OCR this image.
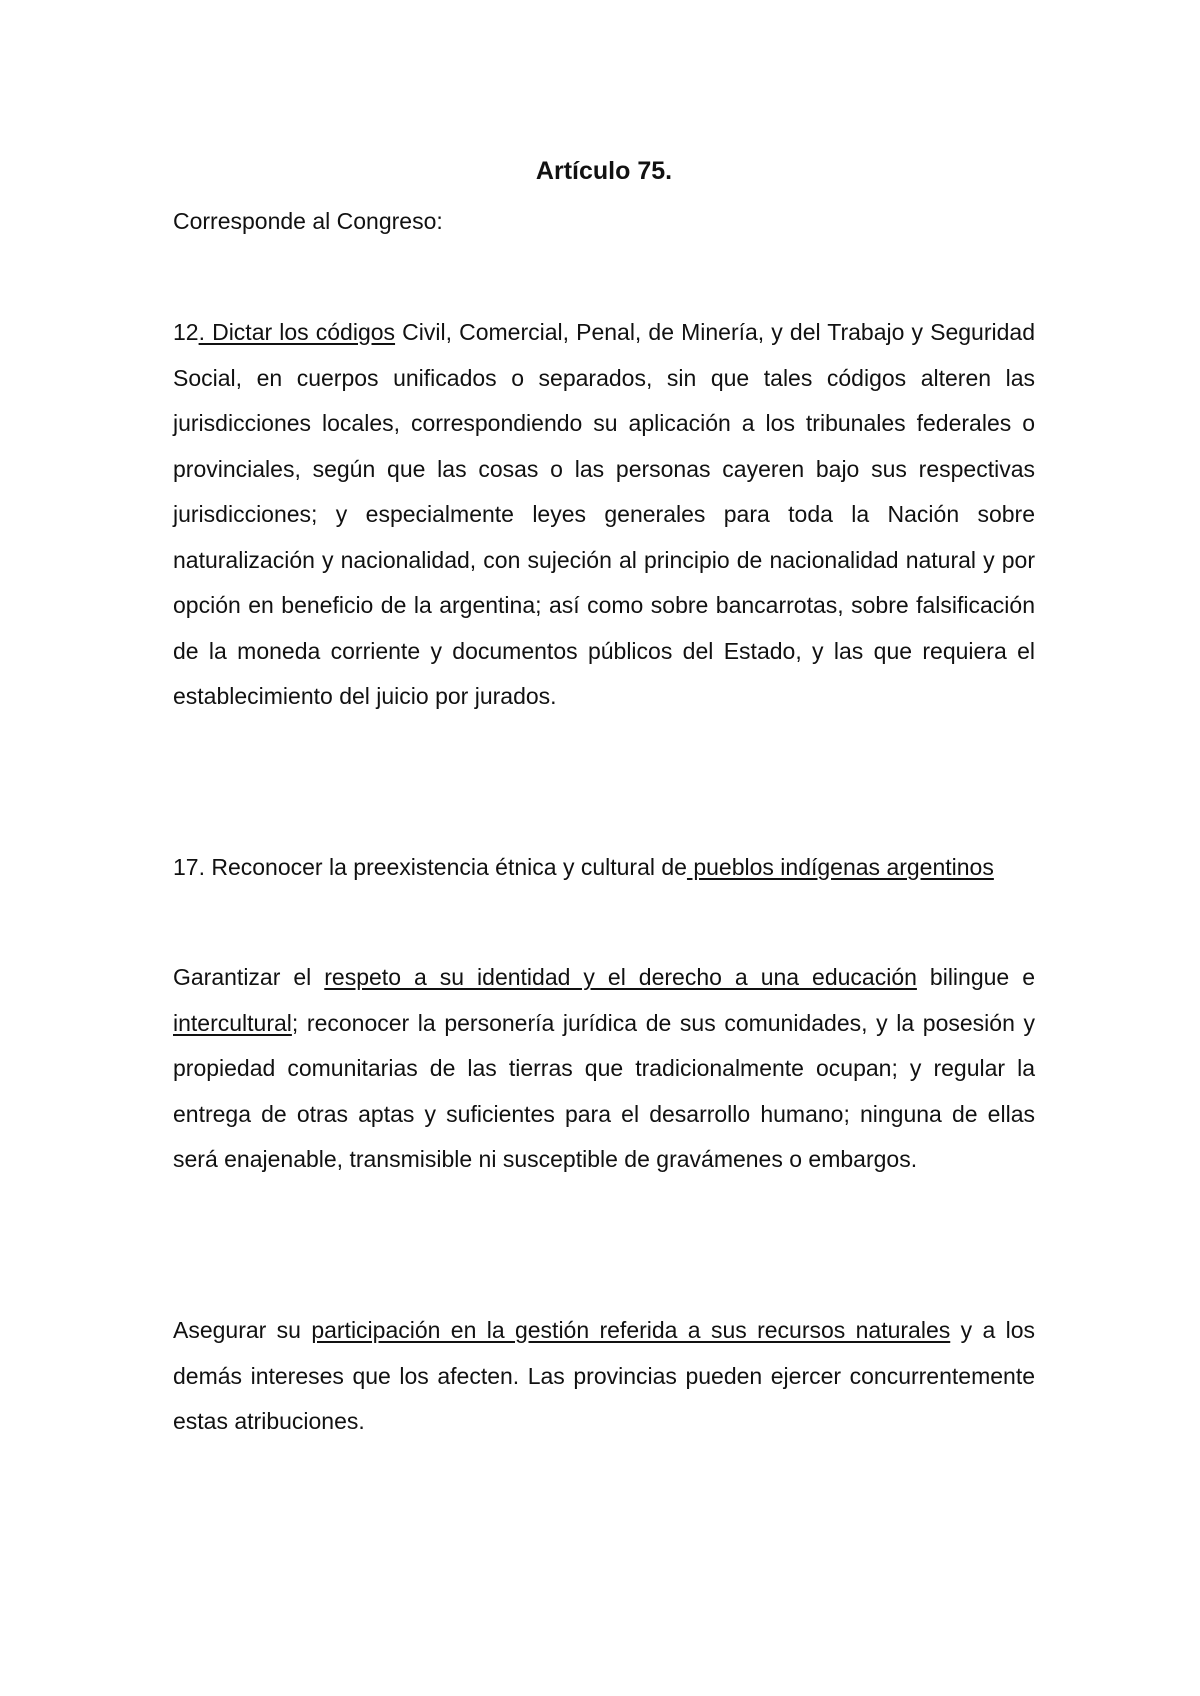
Artículo 75.

Corresponde al Congreso:

12. Dictar los códigos Civil, Comercial, Penal, de Minería, y del Trabajo y Seguridad Social, en cuerpos unificados o separados, sin que tales códigos alteren las jurisdicciones locales, correspondiendo su aplicación a los tribunales federales o provinciales, según que las cosas o las personas cayeren bajo sus respectivas jurisdicciones; y especialmente leyes generales para toda la Nación sobre naturalización y nacionalidad, con sujeción al principio de nacionalidad natural y por opción en beneficio de la argentina; así como sobre bancarrotas, sobre falsificación de la moneda corriente y documentos públicos del Estado, y las que requiera el establecimiento del juicio por jurados.

17. Reconocer la preexistencia étnica y cultural de pueblos indígenas argentinos

Garantizar el respeto a su identidad y el derecho a una educación bilingue e intercultural; reconocer la personería jurídica de sus comunidades, y la posesión y propiedad comunitarias de las tierras que tradicionalmente ocupan; y regular la entrega de otras aptas y suficientes para el desarrollo humano; ninguna de ellas será enajenable, transmisible ni susceptible de gravámenes o embargos.

Asegurar su participación en la gestión referida a sus recursos naturales y a los demás intereses que los afecten. Las provincias pueden ejercer concurrentemente estas atribuciones.
